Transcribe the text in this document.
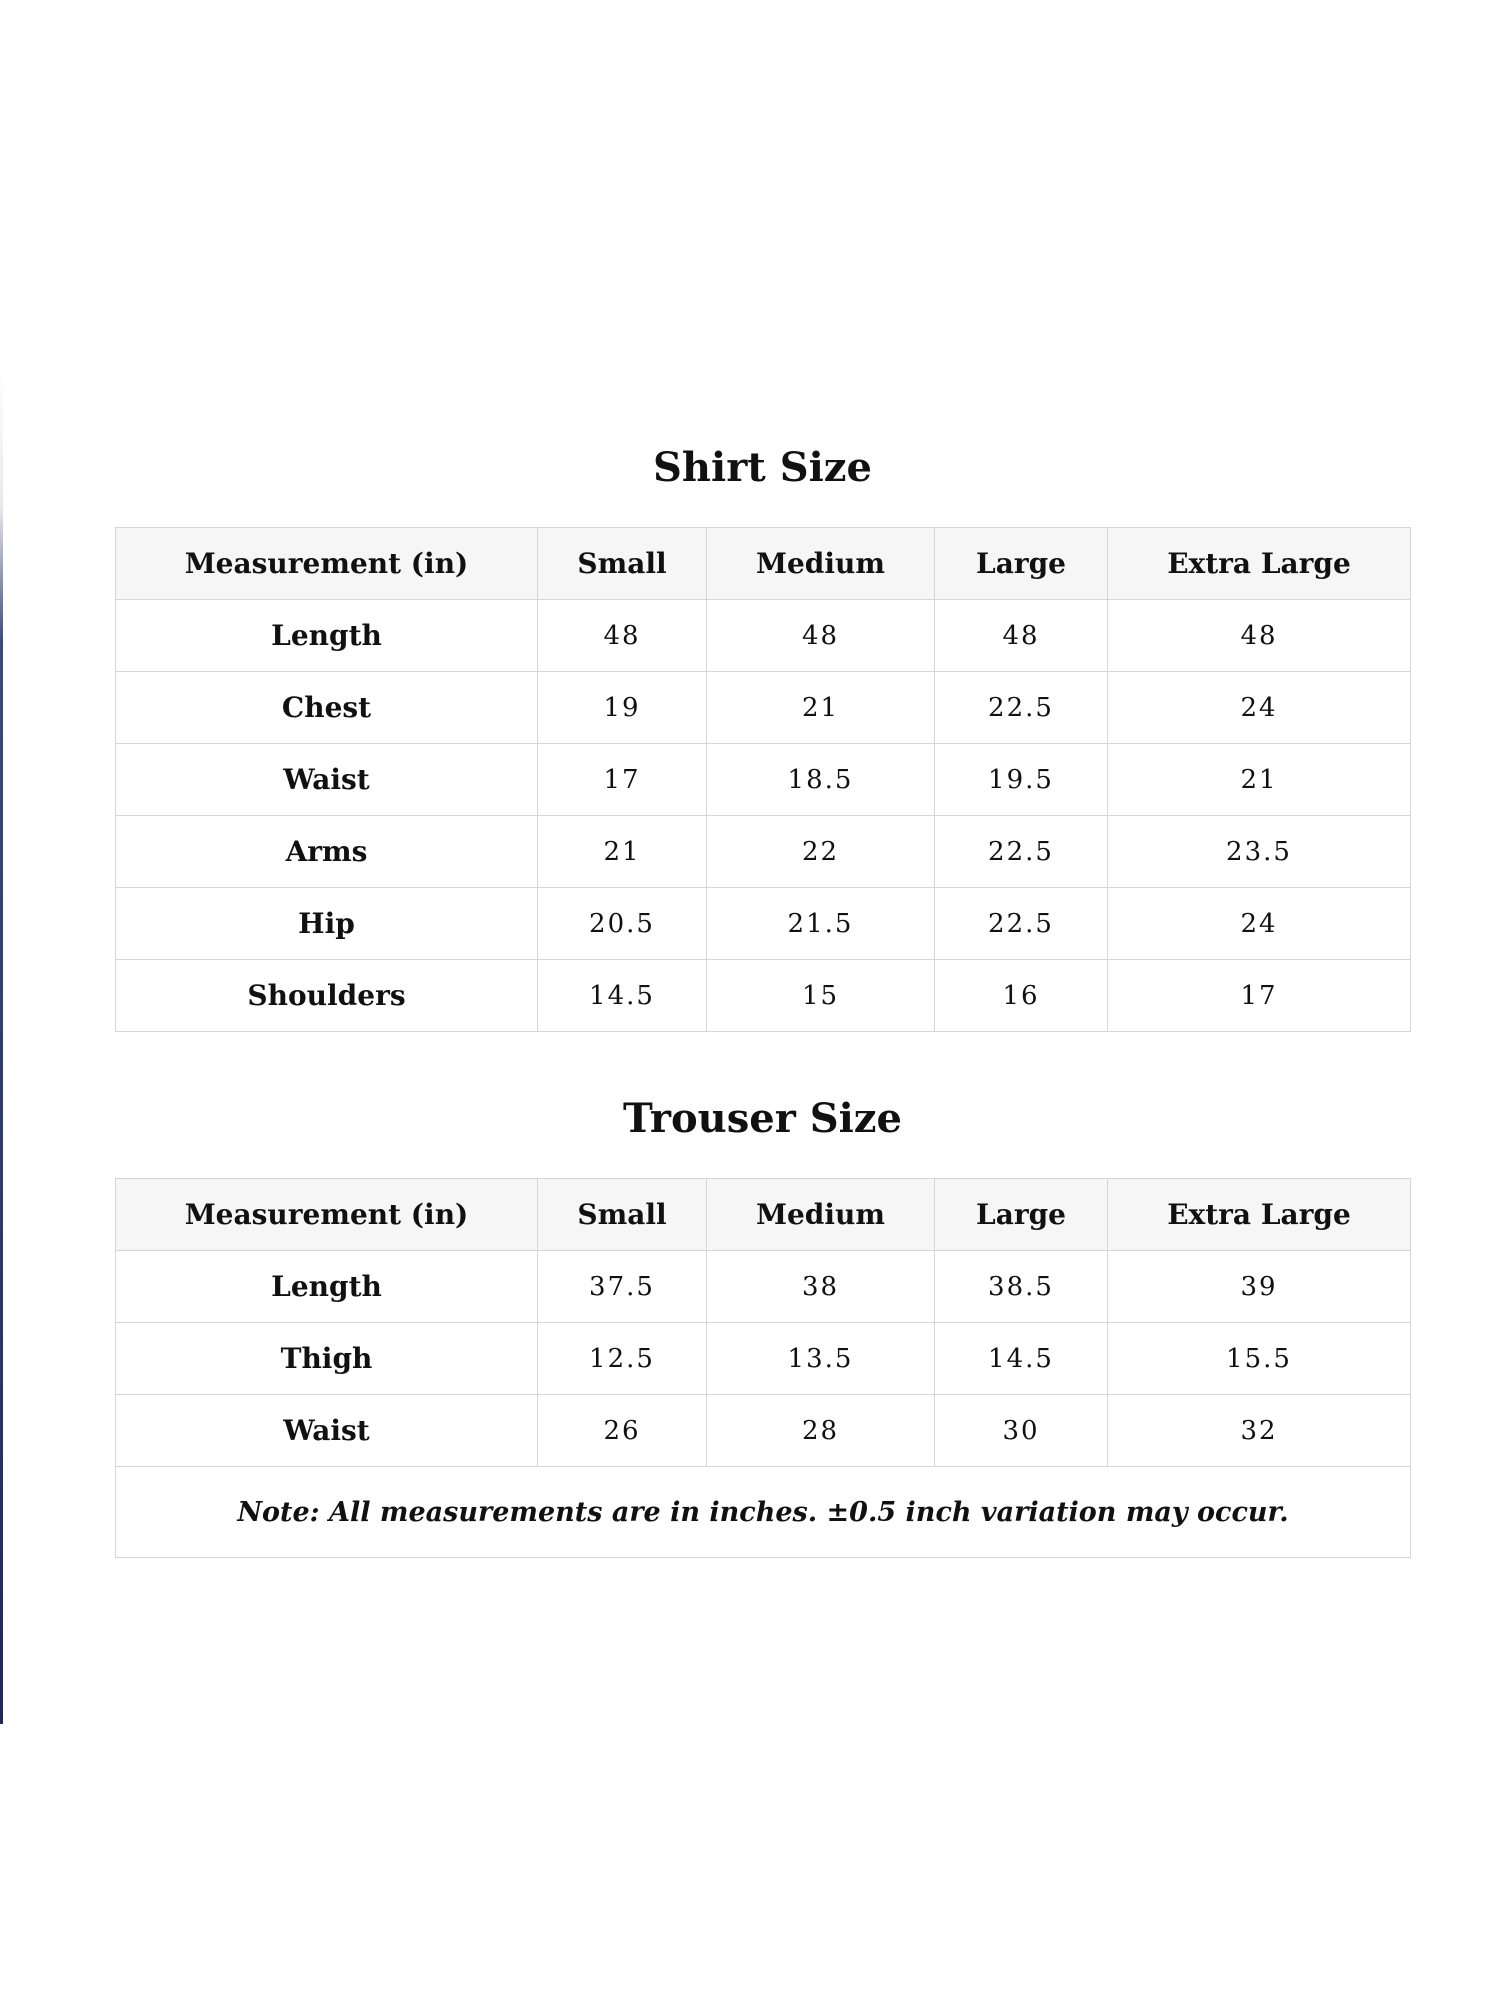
Shirt Size
Measurement (in)	Small	Medium	Large	Extra Large
Length	48	48	48	48
Chest	19	21	22.5	24
Waist	17	18.5	19.5	21
Arms	21	22	22.5	23.5
Hip	20.5	21.5	22.5	24
Shoulders	14.5	15	16	17
Trouser Size
Measurement (in)	Small	Medium	Large	Extra Large
Length	37.5	38	38.5	39
Thigh	12.5	13.5	14.5	15.5
Waist	26	28	30	32
Note: All measurements are in inches. ±0.5 inch variation may occur.				
